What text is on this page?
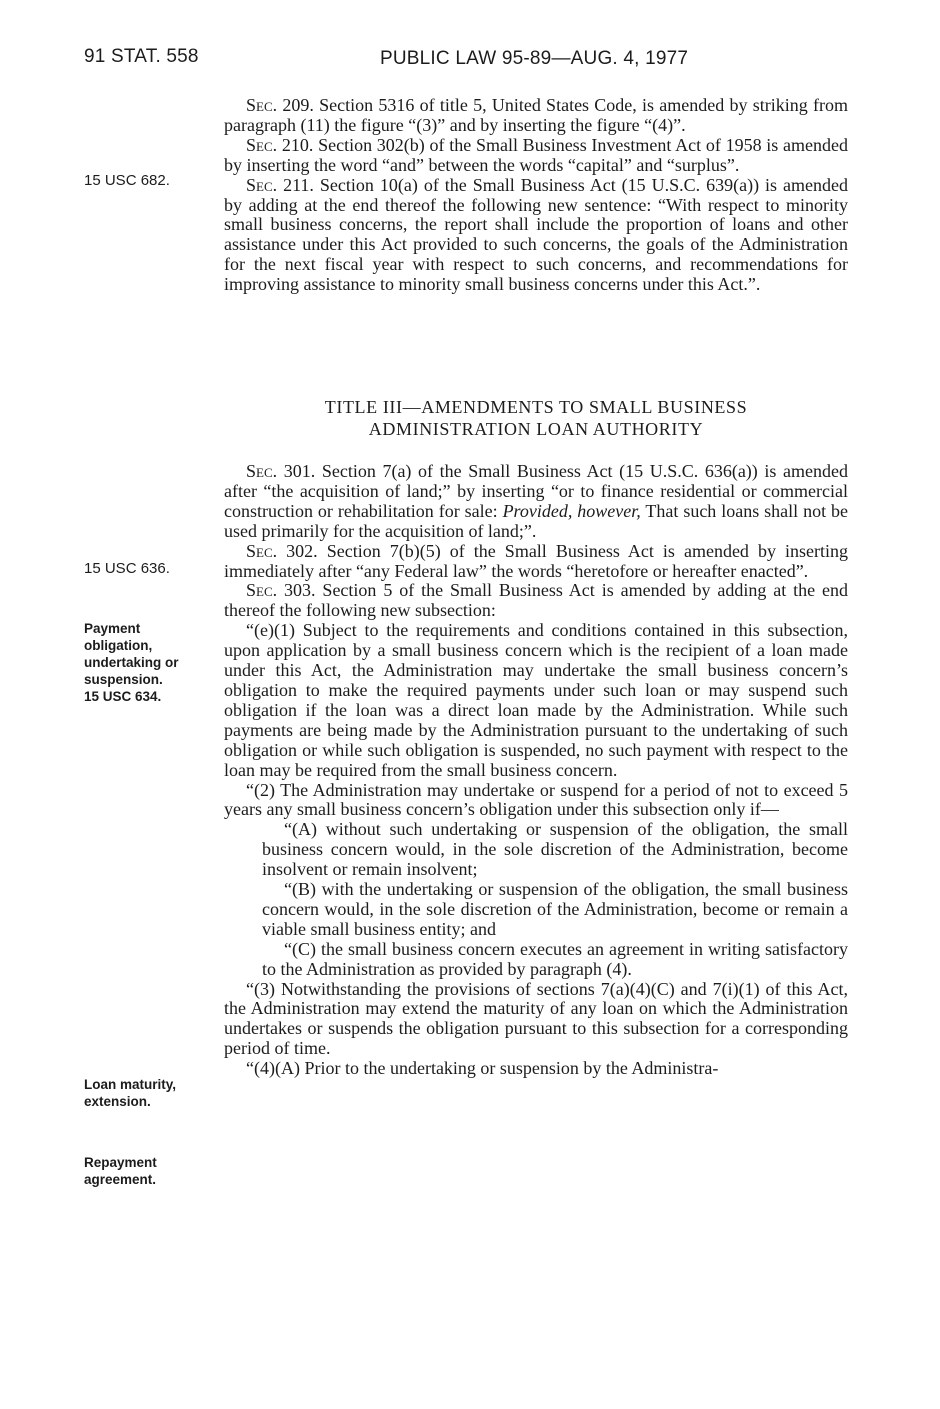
91 STAT. 558	PUBLIC LAW 95-89—AUG. 4, 1977
15 USC 682.
15 USC 636.
Payment
obligation,
undertaking or
suspension.
15 USC 634.
Loan maturity,
extension.
Repayment
agreement.

Sec. 209. Section 5316 of title 5, United States Code, is amended by striking from paragraph (11) the figure “(3)” and by inserting the figure “(4)”.

Sec. 210. Section 302(b) of the Small Business Investment Act of 1958 is amended by inserting the word “and” between the words “capital” and “surplus”.

Sec. 211. Section 10(a) of the Small Business Act (15 U.S.C. 639(a)) is amended by adding at the end thereof the following new sentence: “With respect to minority small business concerns, the report shall include the proportion of loans and other assistance under this Act provided to such concerns, the goals of the Administration for the next fiscal year with respect to such concerns, and recommendations for improving assistance to minority small business concerns under this Act.”.

TITLE III—AMENDMENTS TO SMALL BUSINESS
ADMINISTRATION LOAN AUTHORITY

Sec. 301. Section 7(a) of the Small Business Act (15 U.S.C. 636(a)) is amended after “the acquisition of land;” by inserting “or to finance residential or commercial construction or rehabilitation for sale: Provided, however, That such loans shall not be used primarily for the acquisition of land;”.

Sec. 302. Section 7(b)(5) of the Small Business Act is amended by inserting immediately after “any Federal law” the words “heretofore or hereafter enacted”.

Sec. 303. Section 5 of the Small Business Act is amended by adding at the end thereof the following new subsection:

“(e)(1) Subject to the requirements and conditions contained in this subsection, upon application by a small business concern which is the recipient of a loan made under this Act, the Administration may undertake the small business concern’s obligation to make the required payments under such loan or may suspend such obligation if the loan was a direct loan made by the Administration. While such payments are being made by the Administration pursuant to the undertaking of such obligation or while such obligation is suspended, no such payment with respect to the loan may be required from the small business concern.

“(2) The Administration may undertake or suspend for a period of not to exceed 5 years any small business concern’s obligation under this subsection only if—

“(A) without such undertaking or suspension of the obligation, the small business concern would, in the sole discretion of the Administration, become insolvent or remain insolvent;

“(B) with the undertaking or suspension of the obligation, the small business concern would, in the sole discretion of the Administration, become or remain a viable small business entity; and

“(C) the small business concern executes an agreement in writing satisfactory to the Administration as provided by paragraph (4).

“(3) Notwithstanding the provisions of sections 7(a)(4)(C) and 7(i)(1) of this Act, the Administration may extend the maturity of any loan on which the Administration undertakes or suspends the obligation pursuant to this subsection for a corresponding period of time.

“(4)(A) Prior to the undertaking or suspension by the Administra-
